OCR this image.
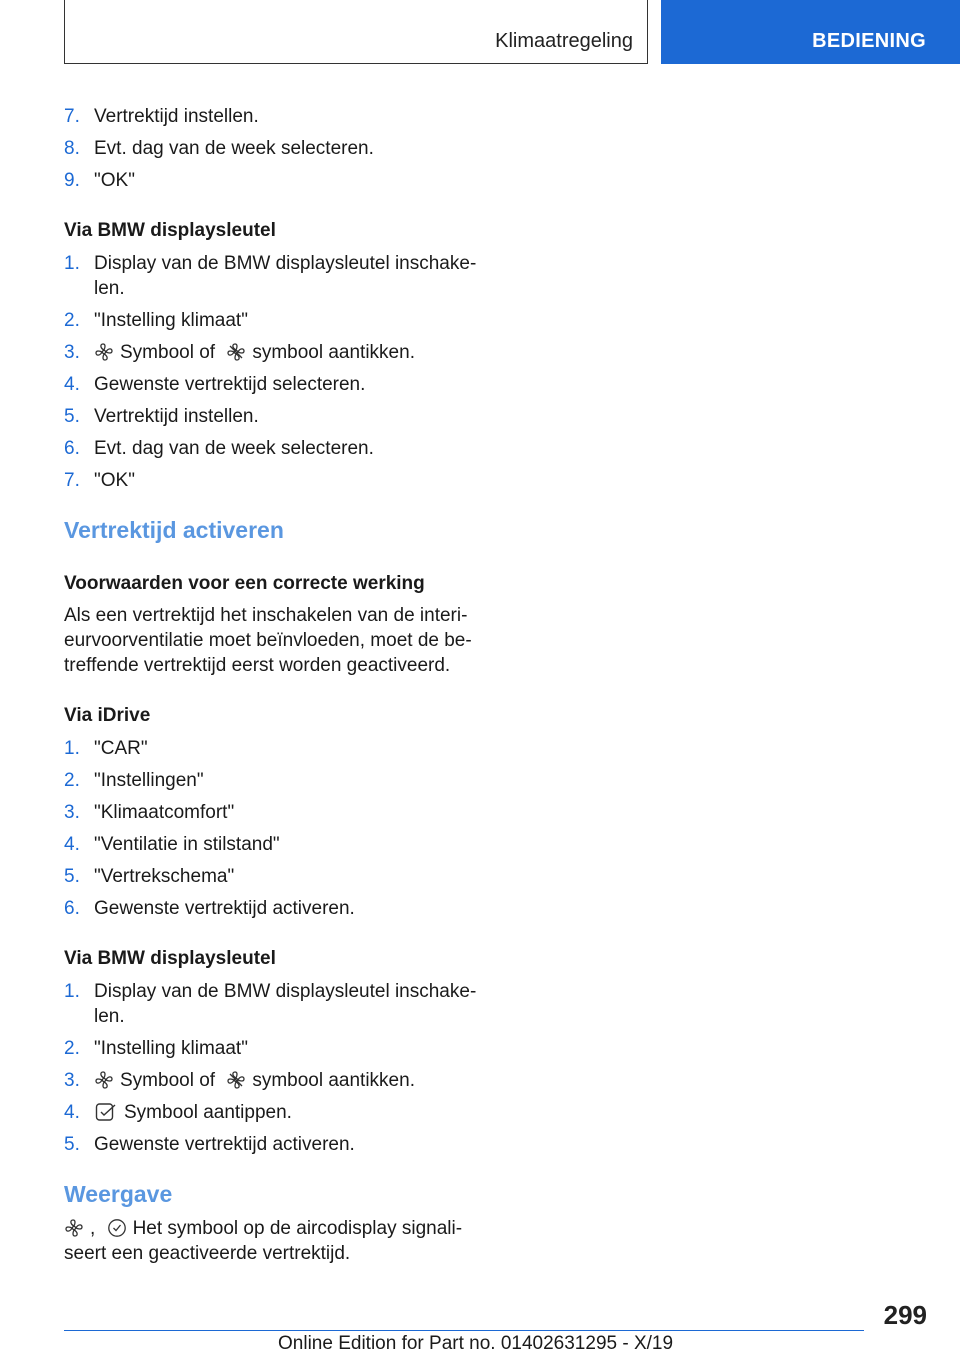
Klimaatregeling	BEDIENING
7. Vertrektijd instellen.
8. Evt. dag van de week selecteren.
9. "OK"
Via BMW displaysleutel
1. Display van de BMW displaysleutel inschake-
len.
2. "Instelling klimaat"
3.	Symbool of symbool aantikken.
4. Gewenste vertrektijd selecteren.
5. Vertrektijd instellen.
6. Evt. dag van de week selecteren.
7. "OK"
Vertrektijd activeren
Voorwaarden voor een correcte werking
Als een vertrektijd het inschakelen van de interi-
eurvoorventilatie moet beïnvloeden, moet de be-
treffende vertrektijd eerst worden geactiveerd.
Via iDrive
1. "CAR"
2. "Instellingen"
3. "Klimaatcomfort"
4. "Ventilatie in stilstand"
5. "Vertrekschema"
6. Gewenste vertrektijd activeren.
Via BMW displaysleutel
1. Display van de BMW displaysleutel inschake-
len.
2. "Instelling klimaat"
3.	Symbool of symbool aantikken.
4.	Symbool aantippen.
5. Gewenste vertrektijd activeren.
Weergave
, Het symbool op de aircodisplay signali-
seert een geactiveerde vertrektijd.
299
Online Edition for Part no. 01402631295 - X/19
